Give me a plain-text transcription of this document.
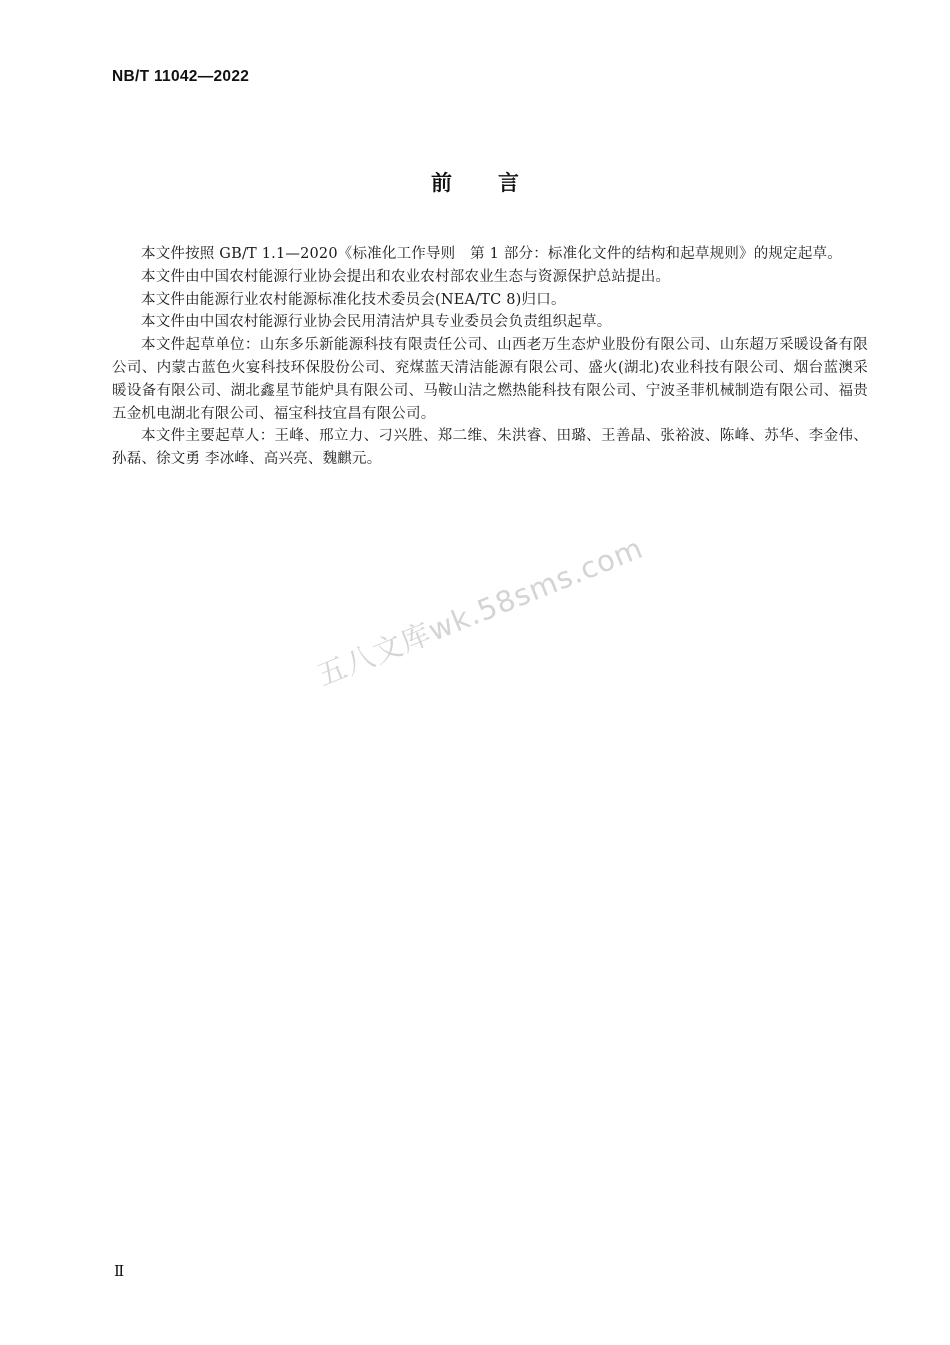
NB/T 11042—2022
前言

本文件按照 GB/T 1.1—2020《标准化工作导则　第 1 部分：标准化文件的结构和起草规则》的规定起草。

本文件由中国农村能源行业协会提出和农业农村部农业生态与资源保护总站提出。

本文件由能源行业农村能源标准化技术委员会(NEA/TC 8)归口。

本文件由中国农村能源行业协会民用清洁炉具专业委员会负责组织起草。

本文件起草单位：山东多乐新能源科技有限责任公司、山西老万生态炉业股份有限公司、山东超万采暖设备有限公司、内蒙古蓝色火宴科技环保股份公司、兖煤蓝天清洁能源有限公司、盛火(湖北)农业科技有限公司、烟台蓝澳采暖设备有限公司、湖北鑫星节能炉具有限公司、马鞍山洁之燃热能科技有限公司、宁波圣菲机械制造有限公司、福贵五金机电湖北有限公司、福宝科技宜昌有限公司。

本文件主要起草人：王峰、邢立力、刁兴胜、郑二维、朱洪睿、田璐、王善晶、张裕波、陈峰、苏华、李金伟、孙磊、徐文勇 李冰峰、高兴亮、魏麒元。

五八文库wk.58sms.com
Ⅱ
